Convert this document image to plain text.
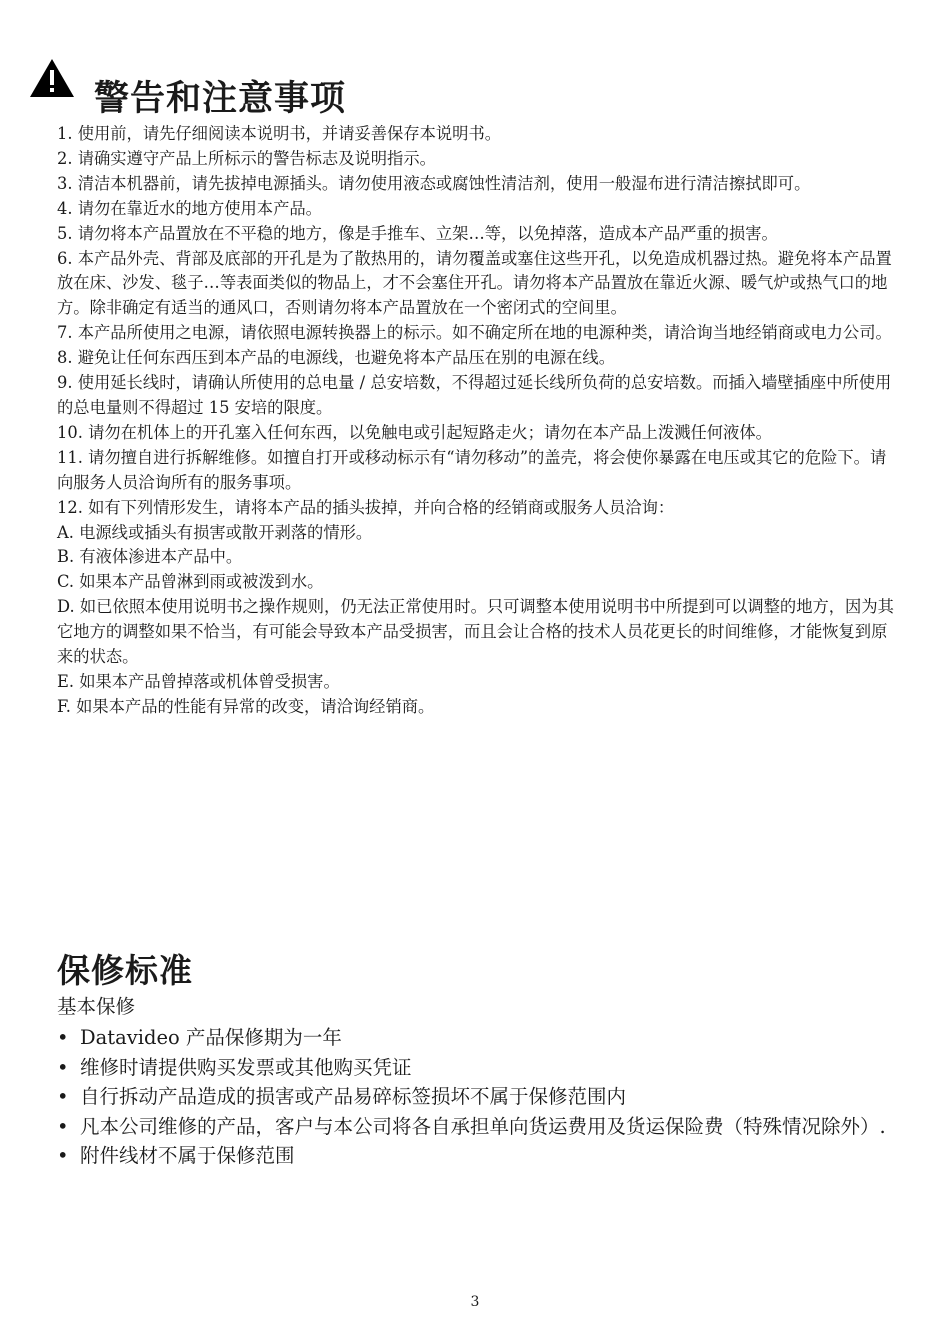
警告和注意事项

1. 使用前，请先仔细阅读本说明书，并请妥善保存本说明书。

2. 请确实遵守产品上所标示的警告标志及说明指示。

3. 清洁本机器前，请先拔掉电源插头。请勿使用液态或腐蚀性清洁剂，使用一般湿布进行清洁擦拭即可。

4. 请勿在靠近水的地方使用本产品。

5. 请勿将本产品置放在不平稳的地方，像是手推车、立架…等，以免掉落，造成本产品严重的损害。

6. 本产品外壳、背部及底部的开孔是为了散热用的，请勿覆盖或塞住这些开孔，以免造成机器过热。避免将本产品置放在床、沙发、毯子…等表面类似的物品上，才不会塞住开孔。请勿将本产品置放在靠近火源、暖气炉或热气口的地方。除非确定有适当的通风口，否则请勿将本产品置放在一个密闭式的空间里。

7. 本产品所使用之电源，请依照电源转换器上的标示。如不确定所在地的电源种类，请洽询当地经销商或电力公司。

8. 避免让任何东西压到本产品的电源线，也避免将本产品压在别的电源在线。

9. 使用延长线时，请确认所使用的总电量 / 总安培数，不得超过延长线所负荷的总安培数。而插入墙壁插座中所使用的总电量则不得超过 15 安培的限度。

10. 请勿在机体上的开孔塞入任何东西，以免触电或引起短路走火；请勿在本产品上泼溅任何液体。

11. 请勿擅自进行拆解维修。如擅自打开或移动标示有“请勿移动”的盖壳，将会使你暴露在电压或其它的危险下。请向服务人员洽询所有的服务事项。

12. 如有下列情形发生，请将本产品的插头拔掉，并向合格的经销商或服务人员洽询：

A. 电源线或插头有损害或散开剥落的情形。

B. 有液体渗进本产品中。

C. 如果本产品曾淋到雨或被泼到水。

D. 如已依照本使用说明书之操作规则，仍无法正常使用时。只可调整本使用说明书中所提到可以调整的地方，因为其它地方的调整如果不恰当，有可能会导致本产品受损害，而且会让合格的技术人员花更长的时间维修，才能恢复到原来的状态。

E. 如果本产品曾掉落或机体曾受损害。

F. 如果本产品的性能有异常的改变，请洽询经销商。

保修标准

基本保修

• Datavideo 产品保修期为一年

• 维修时请提供购买发票或其他购买凭证

• 自行拆动产品造成的损害或产品易碎标签损坏不属于保修范围内

• 凡本公司维修的产品，客户与本公司将各自承担单向货运费用及货运保险费（特殊情况除外）.

• 附件线材不属于保修范围

3
